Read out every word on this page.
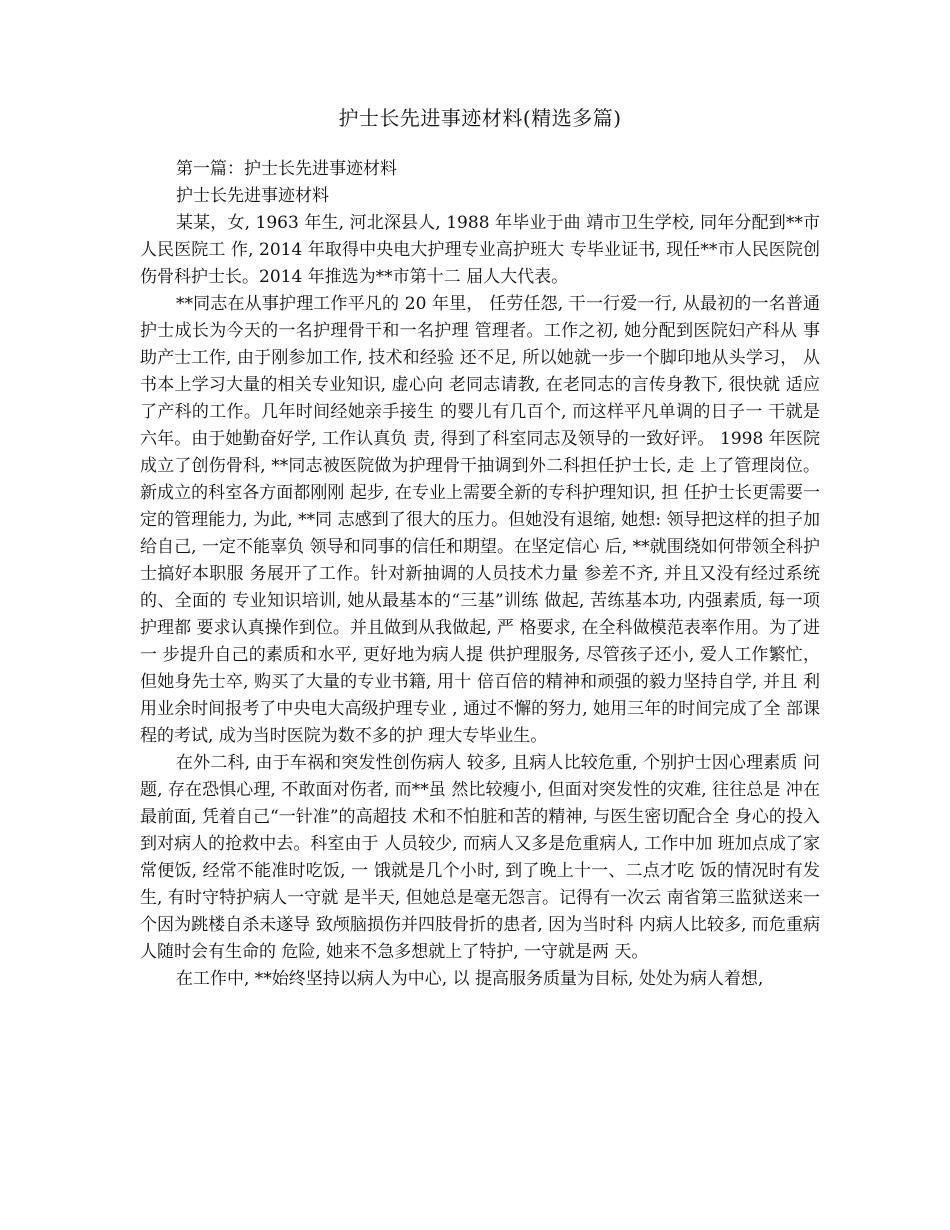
护士长先进事迹材料(精选多篇)

第一篇：护士长先进事迹材料

护士长先进事迹材料

某某，女, 1963 年生, 河北深县人, 1988 年毕业于曲 靖市卫生学校, 同年分配到**市人民医院工 作, 2014 年取得中央电大护理专业高护班大 专毕业证书, 现任**市人民医院创伤骨科护士长。2014 年推选为**市第十二 届人大代表。

**同志在从事护理工作平凡的 20 年里， 任劳任怨, 干一行爱一行, 从最初的一名普通 护士成长为今天的一名护理骨干和一名护理 管理者。工作之初, 她分配到医院妇产科从 事助产士工作, 由于刚参加工作, 技术和经验 还不足, 所以她就一步一个脚印地从头学习， 从书本上学习大量的相关专业知识, 虚心向 老同志请教, 在老同志的言传身教下, 很快就 适应了产科的工作。几年时间经她亲手接生 的婴儿有几百个, 而这样平凡单调的日子一 干就是六年。由于她勤奋好学, 工作认真负 责, 得到了科室同志及领导的一致好评。 1998 年医院成立了创伤骨科, **同志被医院做为护理骨干抽调到外二科担任护士长, 走 上了管理岗位。新成立的科室各方面都刚刚 起步, 在专业上需要全新的专科护理知识, 担 任护士长更需要一定的管理能力, 为此, **同 志感到了很大的压力。但她没有退缩, 她想: 领导把这样的担子加给自己, 一定不能辜负 领导和同事的信任和期望。在坚定信心 后, **就围绕如何带领全科护士搞好本职服 务展开了工作。针对新抽调的人员技术力量 参差不齐, 并且又没有经过系统的、全面的 专业知识培训, 她从最基本的“三基”训练 做起, 苦练基本功, 内强素质, 每一项护理都 要求认真操作到位。并且做到从我做起, 严 格要求, 在全科做模范表率作用。为了进一 步提升自己的素质和水平, 更好地为病人提 供护理服务, 尽管孩子还小, 爱人工作繁忙， 但她身先士卒, 购买了大量的专业书籍, 用十 倍百倍的精神和顽强的毅力坚持自学, 并且 利用业余时间报考了中央电大高级护理专业 , 通过不懈的努力, 她用三年的时间完成了全 部课程的考试, 成为当时医院为数不多的护 理大专毕业生。

在外二科, 由于车祸和突发性创伤病人 较多, 且病人比较危重, 个别护士因心理素质 问题, 存在恐惧心理, 不敢面对伤者, 而**虽 然比较瘦小, 但面对突发性的灾难, 往往总是 冲在最前面, 凭着自己“一针准”的高超技 术和不怕脏和苦的精神, 与医生密切配合全 身心的投入到对病人的抢救中去。科室由于 人员较少, 而病人又多是危重病人, 工作中加 班加点成了家常便饭, 经常不能准时吃饭, 一 饿就是几个小时, 到了晚上十一、二点才吃 饭的情况时有发生, 有时守特护病人一守就 是半天, 但她总是毫无怨言。记得有一次云 南省第三监狱送来一个因为跳楼自杀未遂导 致颅脑损伤并四肢骨折的患者, 因为当时科 内病人比较多, 而危重病人随时会有生命的 危险, 她来不急多想就上了特护, 一守就是两 天。

在工作中, **始终坚持以病人为中心, 以 提高服务质量为目标, 处处为病人着想,
